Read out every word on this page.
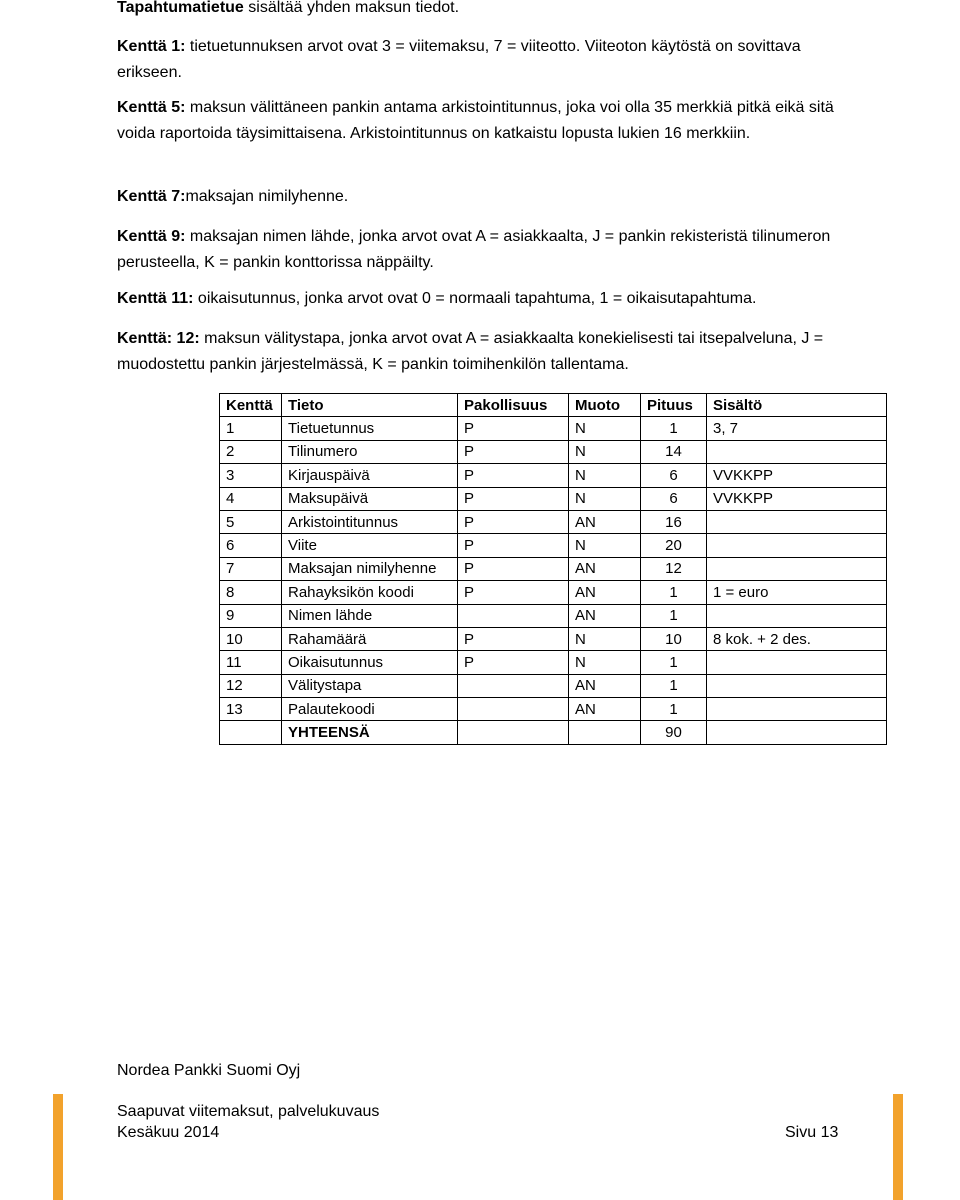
Tapahtumatietue sisältää yhden maksun tiedot.

Kenttä 1: tietuetunnuksen arvot ovat 3 = viitemaksu, 7 = viiteotto. Viiteoton käytöstä on sovittava erikseen.

Kenttä 5: maksun välittäneen pankin antama arkistointitunnus, joka voi olla 35 merkkiä pitkä eikä sitä voida raportoida täysimittaisena. Arkistointitunnus on katkaistu lopusta lukien 16 merkkiin.

Kenttä 7:maksajan nimilyhenne.

Kenttä 9: maksajan nimen lähde, jonka arvot ovat A = asiakkaalta, J = pankin rekisteristä tilinumeron perusteella, K = pankin konttorissa näppäilty.

Kenttä 11: oikaisutunnus, jonka arvot ovat 0 = normaali tapahtuma, 1 = oikaisutapahtuma.

Kenttä: 12: maksun välitystapa, jonka arvot ovat A = asiakkaalta konekielisesti tai itsepalveluna, J = muodostettu pankin järjestelmässä, K = pankin toimihenkilön tallentama.

Kenttä	Tieto	Pakollisuus	Muoto	Pituus	Sisältö
1	Tietuetunnus	P	N	1	3, 7
2	Tilinumero	P	N	14	
3	Kirjauspäivä	P	N	6	VVKKPP
4	Maksupäivä	P	N	6	VVKKPP
5	Arkistointitunnus	P	AN	16	
6	Viite	P	N	20	
7	Maksajan nimilyhenne	P	AN	12	
8	Rahayksikön koodi	P	AN	1	1 = euro
9	Nimen lähde		AN	1	
10	Rahamäärä	P	N	10	8 kok. + 2 des.
11	Oikaisutunnus	P	N	1	
12	Välitystapa		AN	1	
13	Palautekoodi		AN	1	
	YHTEENSÄ			90	
Nordea Pankki Suomi Oyj
Saapuvat viitemaksut, palvelukuvaus
Kesäkuu 2014	Sivu 13
